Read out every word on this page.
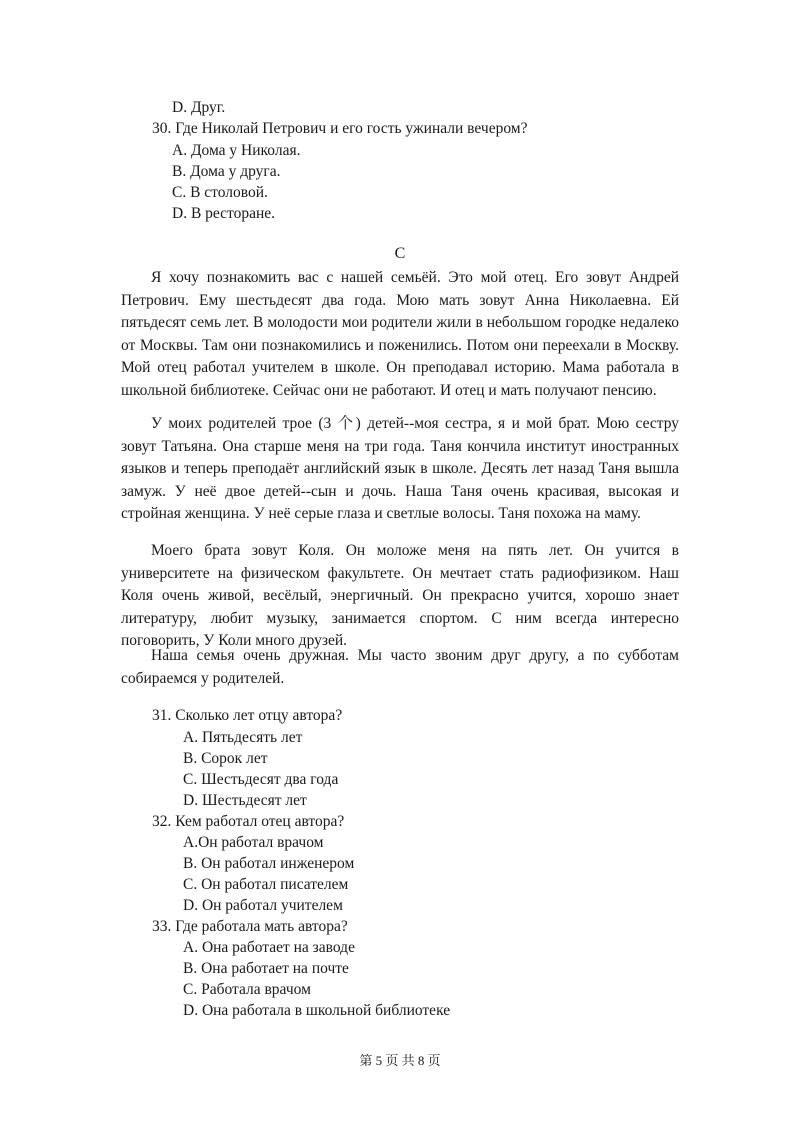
D. Друг.
30. Где Николай Петрович и его гость ужинали вечером?
A. Дома у Николая.
B. Дома у друга.
C. В столовой.
D. В ресторане.
C

Я хочу познакомить вас с нашей семьёй. Это мой отец. Его зовут Андрей Петрович. Ему шестьдесят два года. Мою мать зовут Анна Николаевна. Ей пятьдесят семь лет. В молодости мои родители жили в небольшом городке недалеко от Москвы. Там они познакомились и поженились. Потом они переехали в Москву. Мой отец работал учителем в школе. Он преподавал историю. Мама работала в школьной библиотеке. Сейчас они не работают. И отец и мать получают пенсию.

У моих родителей трое (3 个) детей--моя сестра, я и мой брат. Мою сестру зовут Татьяна. Она старше меня на три года. Таня кончила институт иностранных языков и теперь преподаёт английский язык в школе. Десять лет назад Таня вышла замуж. У неё двое детей--сын и дочь. Наша Таня очень красивая, высокая и стройная женщина. У неё серые глаза и светлые волосы. Таня похожа на маму.

Моего брата зовут Коля. Он моложе меня на пять лет. Он учится в университете на физическом факультете. Он мечтает стать радиофизиком. Наш Коля очень живой, весёлый, энергичный. Он прекрасно учится, хорошо знает литературу, любит музыку, занимается спортом. С ним всегда интересно поговорить, У Коли много друзей.

Наша семья очень дружная. Мы часто звоним друг другу, а по субботам собираемся у родителей.

31. Сколько лет отцу автора?
A. Пятьдесять лет
B. Сорок лет
C. Шестьдесят два года
D. Шестьдесят лет
32. Кем работал отец автора?
A.Он работал врачом
B. Он работал инженером
C. Он работал писателем
D. Он работал учителем
33. Где работала мать автора?
A. Она работает на заводе
B. Она работает на почте
C. Работала врачом
D. Она работала в школьной библиотеке
第 5 页 共 8 页
